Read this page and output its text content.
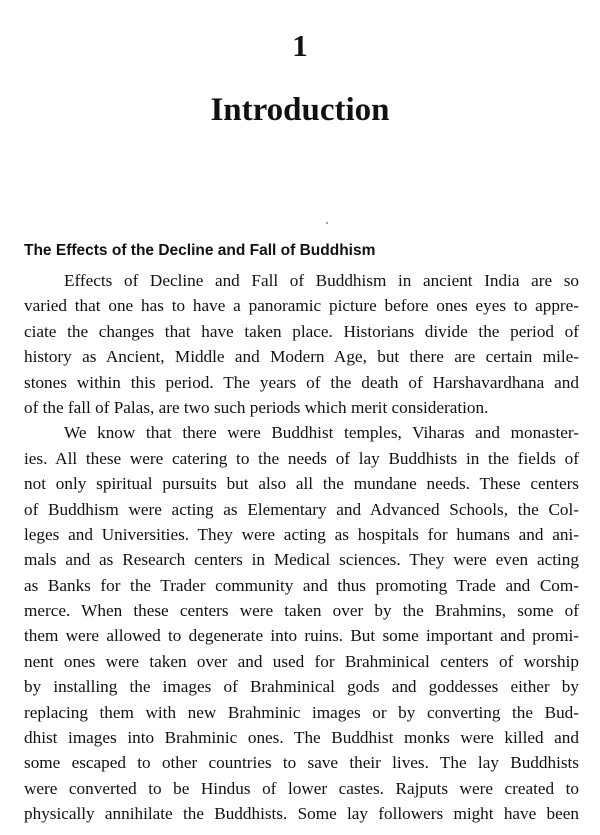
1
Introduction
The Effects of the Decline and Fall of Buddhism
Effects of Decline and Fall of Buddhism in ancient India are so
varied that one has to have a panoramic picture before ones eyes to appre-
ciate the changes that have taken place. Historians divide the period of
history as Ancient, Middle and Modern Age, but there are certain mile-
stones within this period. The years of the death of Harshavardhana and
of the fall of Palas, are two such periods which merit consideration.
We know that there were Buddhist temples, Viharas and monaster-
ies. All these were catering to the needs of lay Buddhists in the fields of
not only spiritual pursuits but also all the mundane needs. These centers
of Buddhism were acting as Elementary and Advanced Schools, the Col-
leges and Universities. They were acting as hospitals for humans and ani-
mals and as Research centers in Medical sciences. They were even acting
as Banks for the Trader community and thus promoting Trade and Com-
merce. When these centers were taken over by the Brahmins, some of
them were allowed to degenerate into ruins. But some important and promi-
nent ones were taken over and used for Brahminical centers of worship
by installing the images of Brahminical gods and goddesses either by
replacing them with new Brahminic images or by converting the Bud-
dhist images into Brahminic ones. The Buddhist monks were killed and
some escaped to other countries to save their lives. The lay Buddhists
were converted to be Hindus of lower castes. Rajputs were created to
physically annihilate the Buddhists. Some lay followers might have been
